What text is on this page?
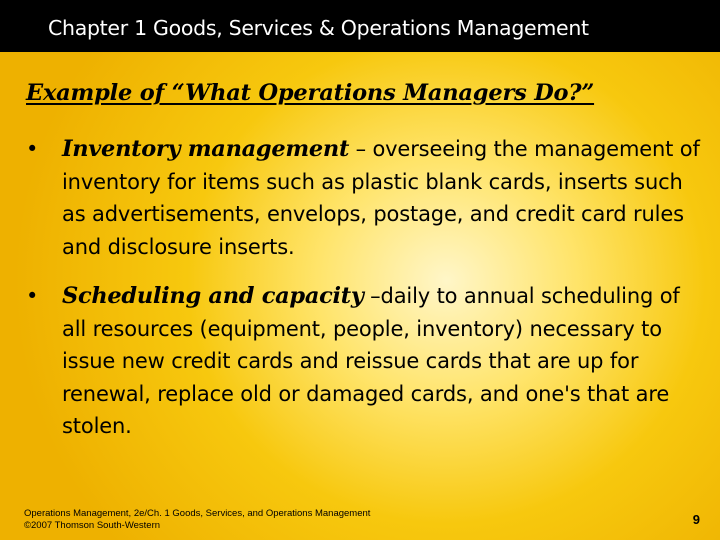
Chapter 1 Goods, Services & Operations Management
Example of “What Operations Managers Do?”
• Inventory management – overseeing the management of inventory for items such as plastic blank cards, inserts such as advertisements, envelops, postage, and credit card rules and disclosure inserts.
• Scheduling and capacity –daily to annual scheduling of all resources (equipment, people, inventory) necessary to issue new credit cards and reissue cards that are up for renewal, replace old or damaged cards, and one's that are stolen.
Operations Management, 2e/Ch. 1 Goods, Services, and Operations Management
©2007 Thomson South-Western	9
